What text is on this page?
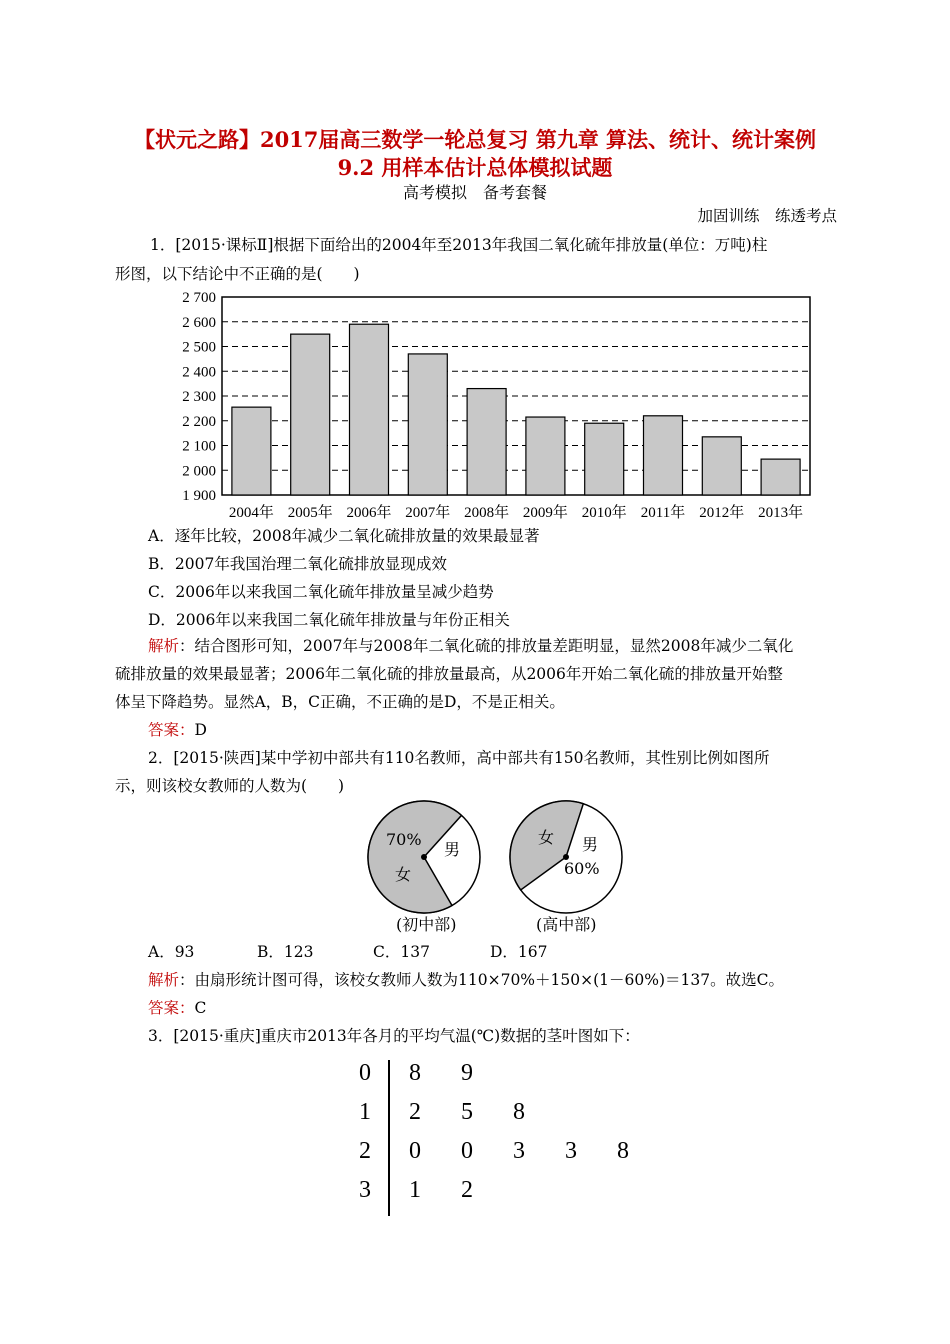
【状元之路】2017届高三数学一轮总复习 第九章 算法、统计、统计案例
9.2 用样本估计总体模拟试题
高考模拟　备考套餐
加固训练　练透考点
1．[2015·课标Ⅱ]根据下面给出的2004年至2013年我国二氧化硫年排放量(单位：万吨)柱
形图，以下结论中不正确的是(　　)
1 900
2 000
2 100
2 200
2 300
2 400
2 500
2 600
2 700
2004年 2005年 2006年 2007年 2008年 2009年 2010年 2011年 2012年 2013年
A．逐年比较，2008年减少二氧化硫排放量的效果最显著
B．2007年我国治理二氧化硫排放显现成效
C．2006年以来我国二氧化硫年排放量呈减少趋势
D．2006年以来我国二氧化硫年排放量与年份正相关
解析：结合图形可知，2007年与2008年二氧化硫的排放量差距明显，显然2008年减少二氧化
硫排放量的效果最显著；2006年二氧化硫的排放量最高，从2006年开始二氧化硫的排放量开始整
体呈下降趋势。显然A，B，C正确，不正确的是D，不是正相关。
答案：D
2．[2015·陕西]某中学初中部共有110名教师，高中部共有150名教师，其性别比例如图所
示，则该校女教师的人数为(　　)
70%
女
男
(初中部)
女 男
60%
(高中部)
A．93	B．123	C．137	D．167
解析：由扇形统计图可得，该校女教师人数为110×70%＋150×(1－60%)＝137。故选C。
答案：C
3．[2015·重庆]重庆市2013年各月的平均气温(℃)数据的茎叶图如下：
0	8	9
1	2	5	8
2	0	0	3	3	8
3	1	2
